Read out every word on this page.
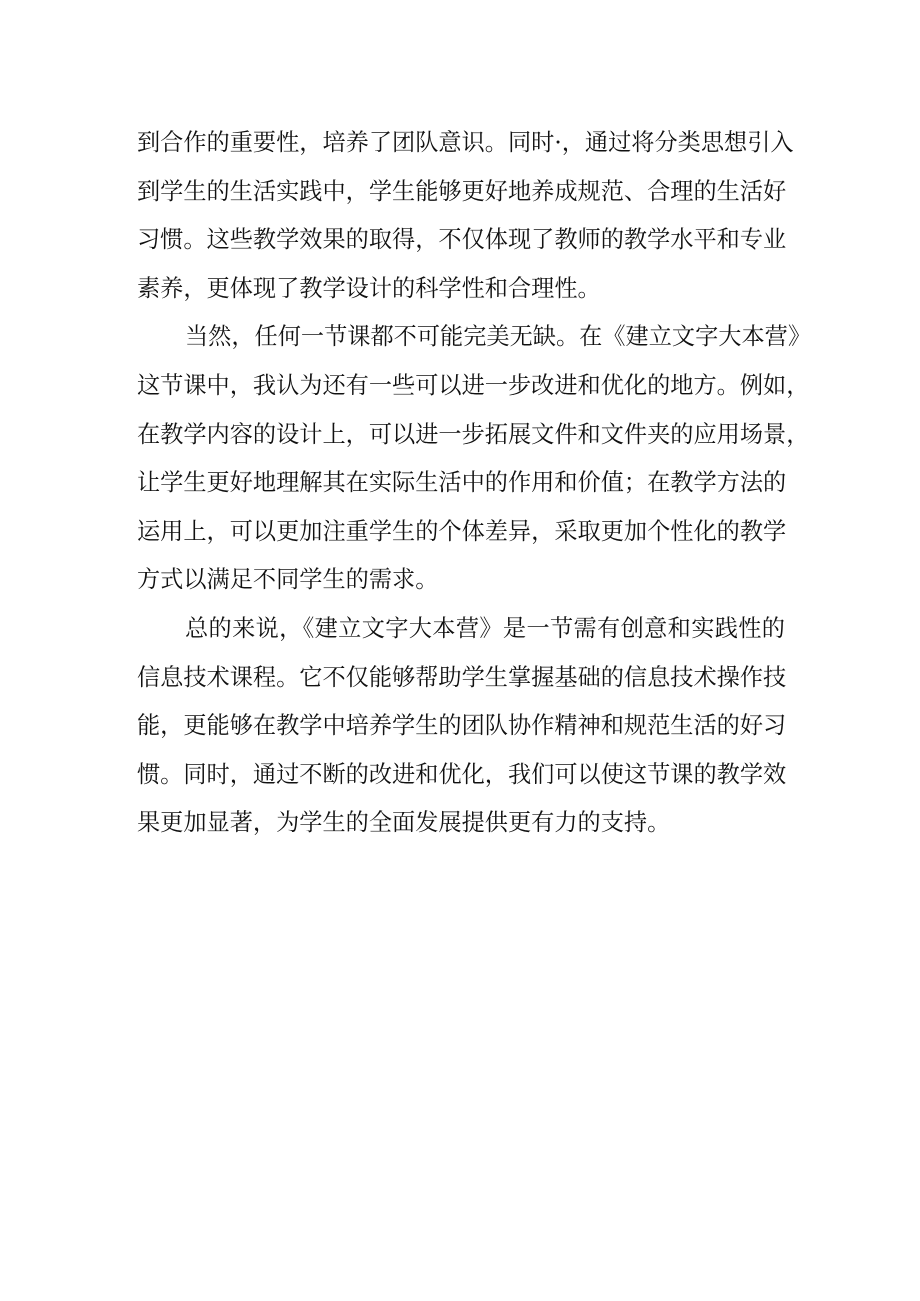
到合作的重要性，培养了团队意识。同时·，通过将分类思想引入
到学生的生活实践中，学生能够更好地养成规范、合理的生活好
习惯。这些教学效果的取得，不仅体现了教师的教学水平和专业
素养，更体现了教学设计的科学性和合理性。
当然，任何一节课都不可能完美无缺。在《建立文字大本营》
这节课中，我认为还有一些可以进一步改进和优化的地方。例如，
在教学内容的设计上，可以进一步拓展文件和文件夹的应用场景，
让学生更好地理解其在实际生活中的作用和价值；在教学方法的
运用上，可以更加注重学生的个体差异，采取更加个性化的教学
方式以满足不同学生的需求。
总的来说，《建立文字大本营》是一节需有创意和实践性的
信息技术课程。它不仅能够帮助学生掌握基础的信息技术操作技
能，更能够在教学中培养学生的团队协作精神和规范生活的好习
惯。同时，通过不断的改进和优化，我们可以使这节课的教学效
果更加显著，为学生的全面发展提供更有力的支持。
